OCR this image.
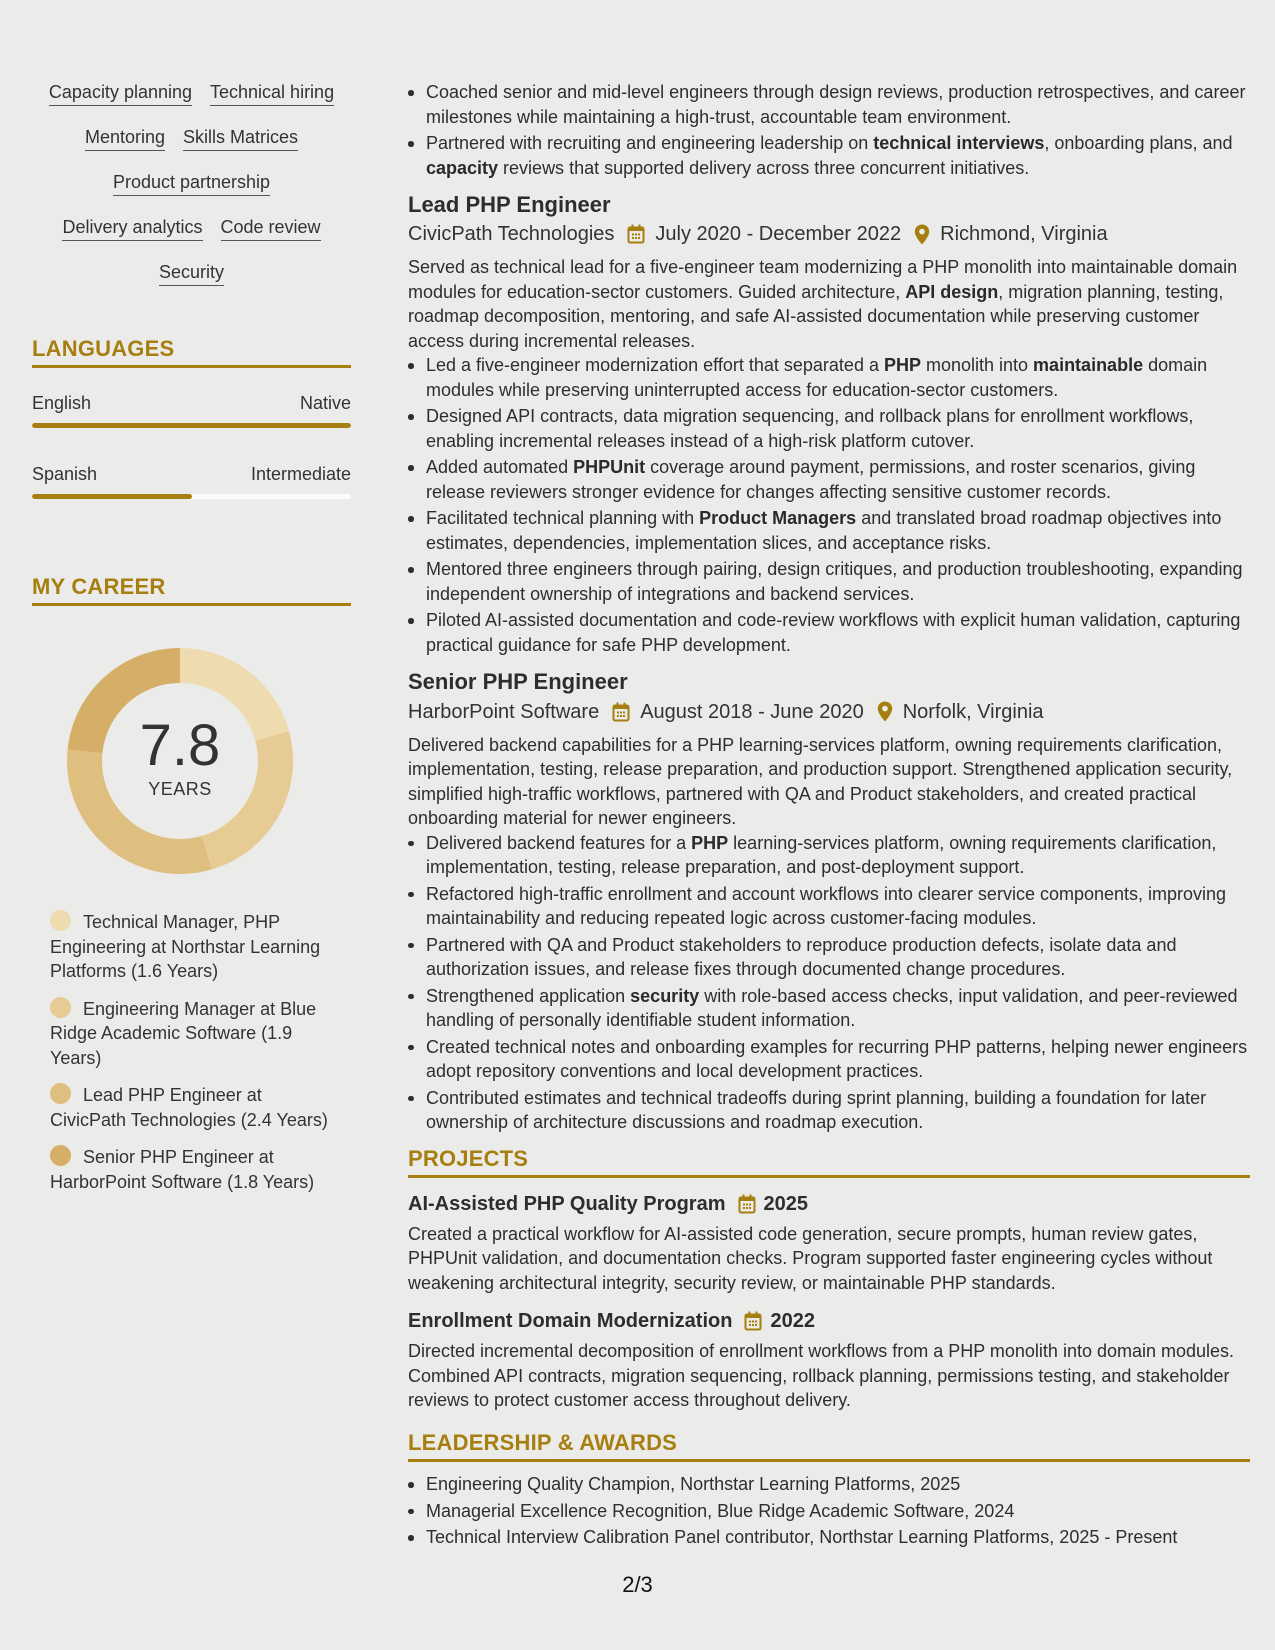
Capacity planning Technical hiring
Mentoring Skills Matrices
Product partnership
Delivery analytics Code review
Security
LANGUAGES
English	Native
Spanish	Intermediate
MY CAREER
7.8
YEARS
Technical Manager, PHP Engineering at Northstar Learning Platforms (1.6 Years)
Engineering Manager at Blue Ridge Academic Software (1.9 Years)
Lead PHP Engineer at CivicPath Technologies (2.4 Years)
Senior PHP Engineer at HarborPoint Software (1.8 Years)
Coached senior and mid-level engineers through design reviews, production retrospectives, and career milestones while maintaining a high-trust, accountable team environment.
Partnered with recruiting and engineering leadership on technical interviews, onboarding plans, and capacity reviews that supported delivery across three concurrent initiatives.
Lead PHP Engineer
CivicPath Technologies July 2020 - December 2022 Richmond, Virginia
Served as technical lead for a five-engineer team modernizing a PHP monolith into maintainable domain modules for education-sector customers. Guided architecture, API design, migration planning, testing, roadmap decomposition, mentoring, and safe AI-assisted documentation while preserving customer access during incremental releases.
Led a five-engineer modernization effort that separated a PHP monolith into maintainable domain modules while preserving uninterrupted access for education-sector customers.
Designed API contracts, data migration sequencing, and rollback plans for enrollment workflows, enabling incremental releases instead of a high-risk platform cutover.
Added automated PHPUnit coverage around payment, permissions, and roster scenarios, giving release reviewers stronger evidence for changes affecting sensitive customer records.
Facilitated technical planning with Product Managers and translated broad roadmap objectives into estimates, dependencies, implementation slices, and acceptance risks.
Mentored three engineers through pairing, design critiques, and production troubleshooting, expanding independent ownership of integrations and backend services.
Piloted AI-assisted documentation and code-review workflows with explicit human validation, capturing practical guidance for safe PHP development.
Senior PHP Engineer
HarborPoint Software August 2018 - June 2020 Norfolk, Virginia
Delivered backend capabilities for a PHP learning-services platform, owning requirements clarification, implementation, testing, release preparation, and production support. Strengthened application security, simplified high-traffic workflows, partnered with QA and Product stakeholders, and created practical onboarding material for newer engineers.
Delivered backend features for a PHP learning-services platform, owning requirements clarification, implementation, testing, release preparation, and post-deployment support.
Refactored high-traffic enrollment and account workflows into clearer service components, improving maintainability and reducing repeated logic across customer-facing modules.
Partnered with QA and Product stakeholders to reproduce production defects, isolate data and authorization issues, and release fixes through documented change procedures.
Strengthened application security with role-based access checks, input validation, and peer-reviewed handling of personally identifiable student information.
Created technical notes and onboarding examples for recurring PHP patterns, helping newer engineers adopt repository conventions and local development practices.
Contributed estimates and technical tradeoffs during sprint planning, building a foundation for later ownership of architecture discussions and roadmap execution.
PROJECTS
AI-Assisted PHP Quality Program 2025
Created a practical workflow for AI-assisted code generation, secure prompts, human review gates, PHPUnit validation, and documentation checks. Program supported faster engineering cycles without weakening architectural integrity, security review, or maintainable PHP standards.
Enrollment Domain Modernization 2022
Directed incremental decomposition of enrollment workflows from a PHP monolith into domain modules. Combined API contracts, migration sequencing, rollback planning, permissions testing, and stakeholder reviews to protect customer access throughout delivery.
LEADERSHIP & AWARDS
Engineering Quality Champion, Northstar Learning Platforms, 2025
Managerial Excellence Recognition, Blue Ridge Academic Software, 2024
Technical Interview Calibration Panel contributor, Northstar Learning Platforms, 2025 - Present
2/3
